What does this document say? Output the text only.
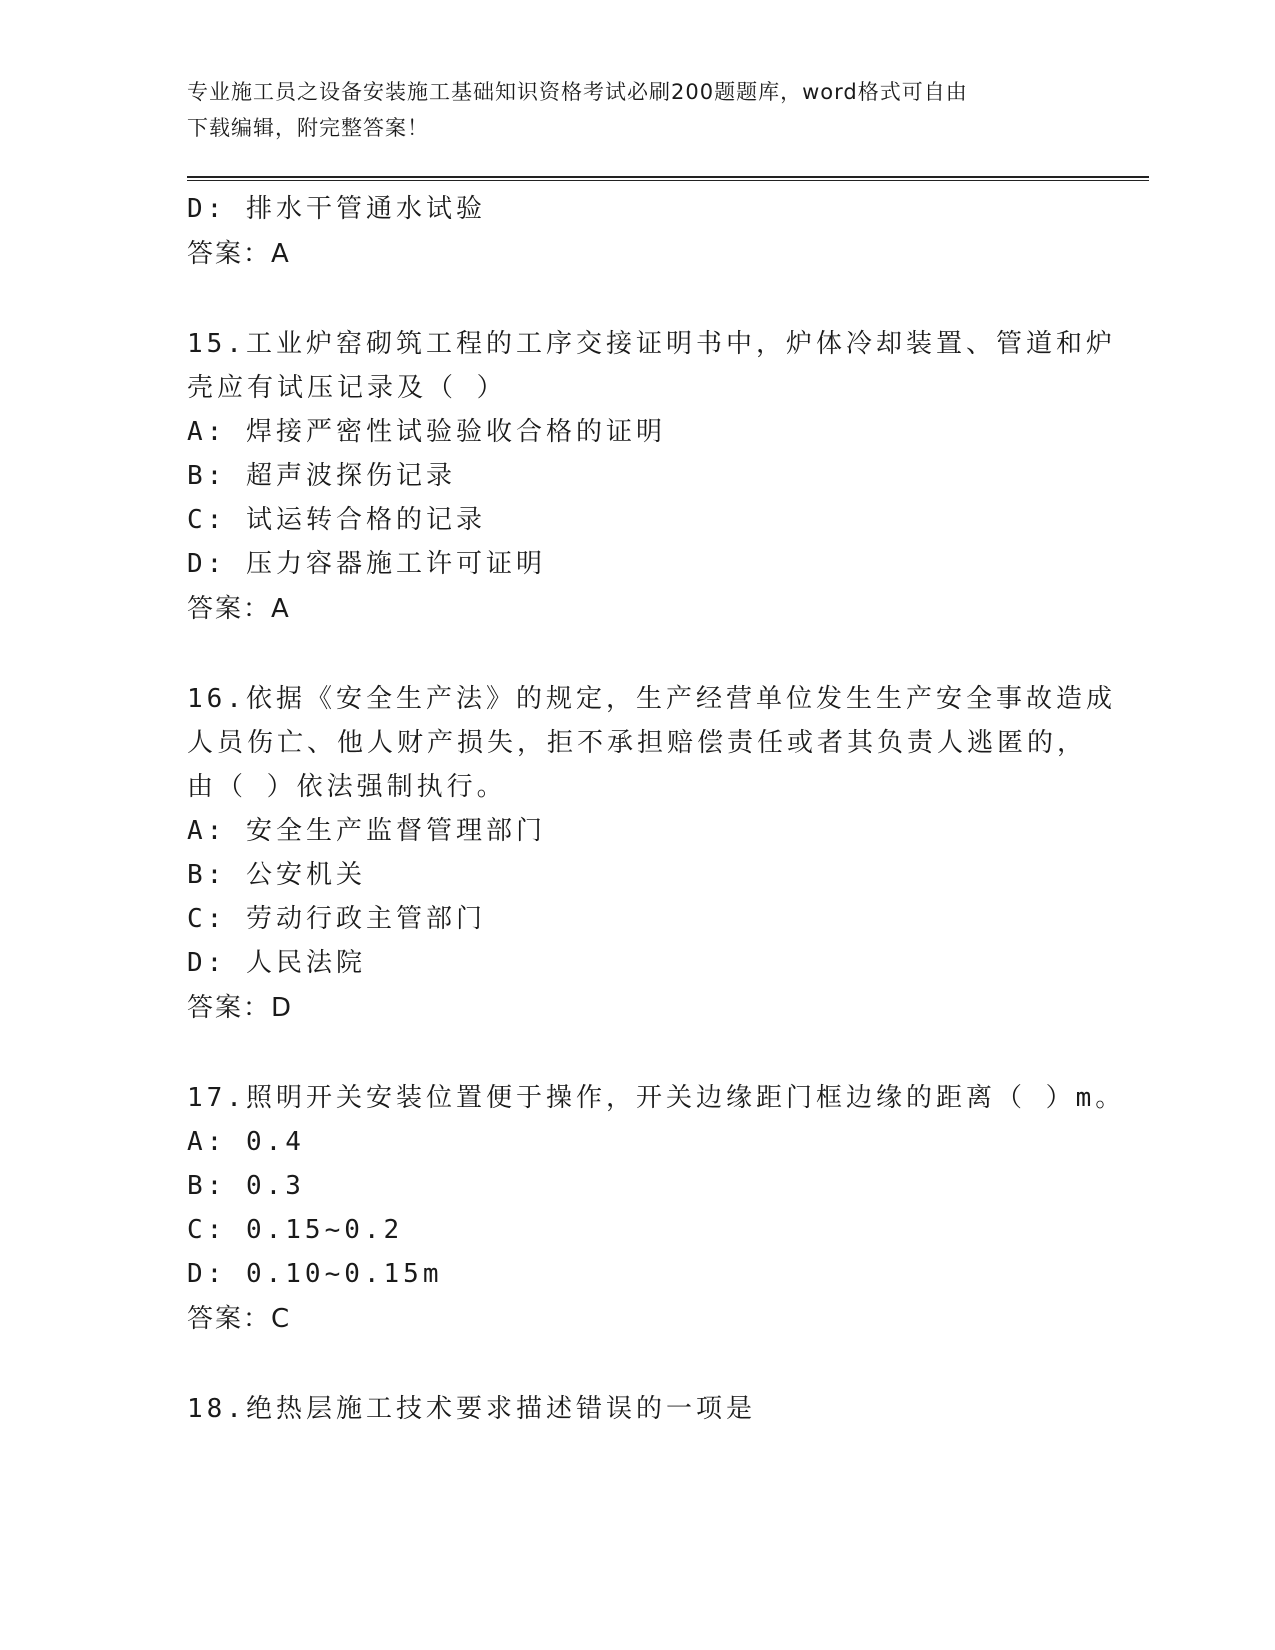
专业施工员之设备安装施工基础知识资格考试必刷200题题库，word格式可自由
下载编辑，附完整答案！
D: 排水干管通水试验
答案：A
15.工业炉窑砌筑工程的工序交接证明书中，炉体冷却装置、管道和炉
壳应有试压记录及（ ）
A: 焊接严密性试验验收合格的证明
B: 超声波探伤记录
C: 试运转合格的记录
D: 压力容器施工许可证明
答案：A
16.依据《安全生产法》的规定，生产经营单位发生生产安全事故造成
人员伤亡、他人财产损失，拒不承担赔偿责任或者其负责人逃匿的，
由（ ）依法强制执行。
A: 安全生产监督管理部门
B: 公安机关
C: 劳动行政主管部门
D: 人民法院
答案：D
17.照明开关安装位置便于操作，开关边缘距门框边缘的距离（ ）m。
A: 0.4
B: 0.3
C: 0.15~0.2
D: 0.10~0.15m
答案：C
18.绝热层施工技术要求描述错误的一项是
